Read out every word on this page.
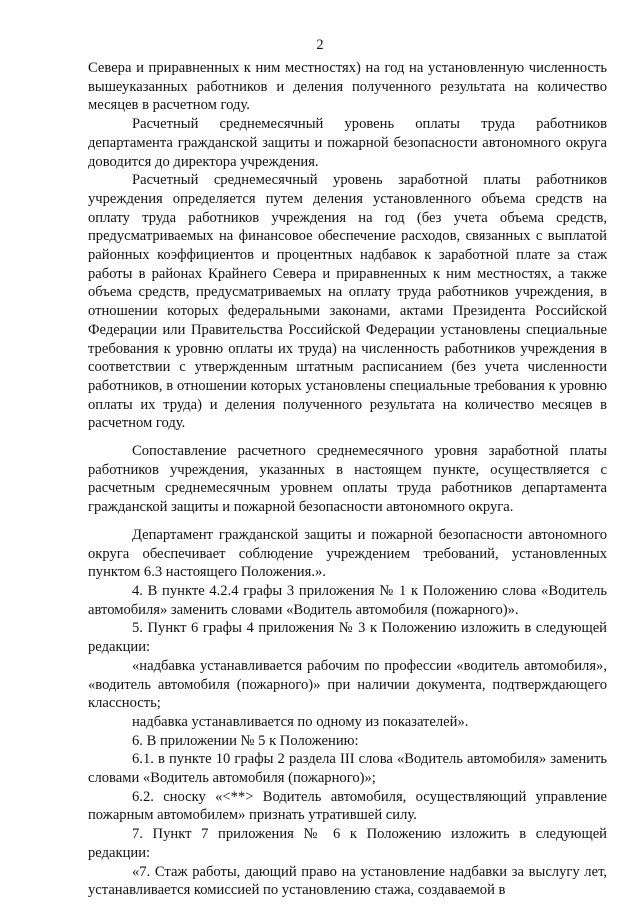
2

Севера и приравненных к ним местностях) на год на установленную численность вышеуказанных работников и деления полученного результата на количество месяцев в расчетном году.

Расчетный среднемесячный уровень оплаты труда работников департамента гражданской защиты и пожарной безопасности автономного округа доводится до директора учреждения.

Расчетный среднемесячный уровень заработной платы работников учреждения определяется путем деления установленного объема средств на оплату труда работников учреждения на год (без учета объема средств, предусматриваемых на финансовое обеспечение расходов, связанных с выплатой районных коэффициентов и процентных надбавок к заработной плате за стаж работы в районах Крайнего Севера и приравненных к ним местностях, а также объема средств, предусматриваемых на оплату труда работников учреждения, в отношении которых федеральными законами, актами Президента Российской Федерации или Правительства Российской Федерации установлены специальные требования к уровню оплаты их труда) на численность работников учреждения в соответствии с утвержденным штатным расписанием (без учета численности работников, в отношении которых установлены специальные требования к уровню оплаты их труда) и деления полученного результата на количество месяцев в расчетном году.

Сопоставление расчетного среднемесячного уровня заработной платы работников учреждения, указанных в настоящем пункте, осуществляется с расчетным среднемесячным уровнем оплаты труда работников департамента гражданской защиты и пожарной безопасности автономного округа.

Департамент гражданской защиты и пожарной безопасности автономного округа обеспечивает соблюдение учреждением требований, установленных пунктом 6.3 настоящего Положения.».

4. В пункте 4.2.4 графы 3 приложения № 1 к Положению слова «Водитель автомобиля» заменить словами «Водитель автомобиля (пожарного)».

5. Пункт 6 графы 4 приложения № 3 к Положению изложить в следующей редакции:

«надбавка устанавливается рабочим по профессии «водитель автомобиля», «водитель автомобиля (пожарного)» при наличии документа, подтверждающего классность;

надбавка устанавливается по одному из показателей».

6. В приложении № 5 к Положению:

6.1. в пункте 10 графы 2 раздела III слова «Водитель автомобиля» заменить словами «Водитель автомобиля (пожарного)»;

6.2. сноску «<**> Водитель автомобиля, осуществляющий управление пожарным автомобилем» признать утратившей силу.

7. Пункт 7 приложения № 6 к Положению изложить в следующей редакции:

«7. Стаж работы, дающий право на установление надбавки за выслугу лет, устанавливается комиссией по установлению стажа, создаваемой в
